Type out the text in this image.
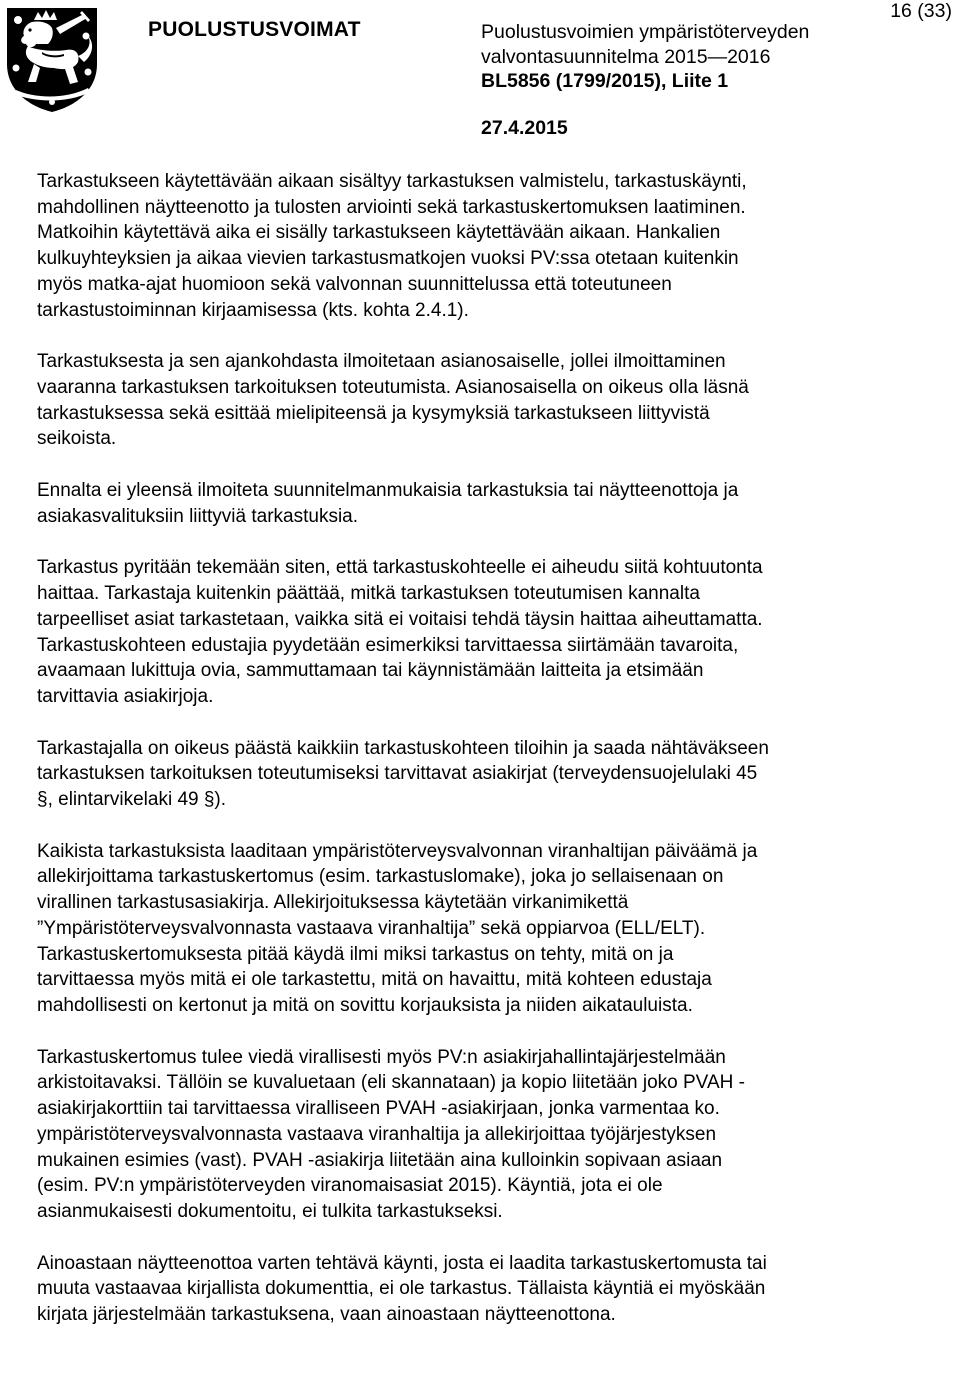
PUOLUSTUSVOIMAT	Puolustusvoimien ympäristöterveyden
valvontasuunnitelma 2015―2016
BL5856 (1799/2015), Liite 1
27.4.2015
16 (33)

Tarkastukseen käytettävään aikaan sisältyy tarkastuksen valmistelu, tarkastuskäynti,
mahdollinen näytteenotto ja tulosten arviointi sekä tarkastuskertomuksen laatiminen.
Matkoihin käytettävä aika ei sisälly tarkastukseen käytettävään aikaan. Hankalien
kulkuyhteyksien ja aikaa vievien tarkastusmatkojen vuoksi PV:ssa otetaan kuitenkin
myös matka-ajat huomioon sekä valvonnan suunnittelussa että toteutuneen
tarkastustoiminnan kirjaamisessa (kts. kohta 2.4.1).

Tarkastuksesta ja sen ajankohdasta ilmoitetaan asianosaiselle, jollei ilmoittaminen
vaaranna tarkastuksen tarkoituksen toteutumista. Asianosaisella on oikeus olla läsnä
tarkastuksessa sekä esittää mielipiteensä ja kysymyksiä tarkastukseen liittyvistä
seikoista.

Ennalta ei yleensä ilmoiteta suunnitelmanmukaisia tarkastuksia tai näytteenottoja ja
asiakasvalituksiin liittyviä tarkastuksia.

Tarkastus pyritään tekemään siten, että tarkastuskohteelle ei aiheudu siitä kohtuutonta
haittaa. Tarkastaja kuitenkin päättää, mitkä tarkastuksen toteutumisen kannalta
tarpeelliset asiat tarkastetaan, vaikka sitä ei voitaisi tehdä täysin haittaa aiheuttamatta.
Tarkastuskohteen edustajia pyydetään esimerkiksi tarvittaessa siirtämään tavaroita,
avaamaan lukittuja ovia, sammuttamaan tai käynnistämään laitteita ja etsimään
tarvittavia asiakirjoja.

Tarkastajalla on oikeus päästä kaikkiin tarkastuskohteen tiloihin ja saada nähtäväkseen
tarkastuksen tarkoituksen toteutumiseksi tarvittavat asiakirjat (terveydensuojelulaki 45
§, elintarvikelaki 49 §).

Kaikista tarkastuksista laaditaan ympäristöterveysvalvonnan viranhaltijan päiväämä ja
allekirjoittama tarkastuskertomus (esim. tarkastuslomake), joka jo sellaisenaan on
virallinen tarkastusasiakirja. Allekirjoituksessa käytetään virkanimikettä
”Ympäristöterveysvalvonnasta vastaava viranhaltija” sekä oppiarvoa (ELL/ELT).
Tarkastuskertomuksesta pitää käydä ilmi miksi tarkastus on tehty, mitä on ja
tarvittaessa myös mitä ei ole tarkastettu, mitä on havaittu, mitä kohteen edustaja
mahdollisesti on kertonut ja mitä on sovittu korjauksista ja niiden aikatauluista.

Tarkastuskertomus tulee viedä virallisesti myös PV:n asiakirjahallintajärjestelmään
arkistoitavaksi. Tällöin se kuvaluetaan (eli skannataan) ja kopio liitetään joko PVAH -
asiakirjakorttiin tai tarvittaessa viralliseen PVAH -asiakirjaan, jonka varmentaa ko.
ympäristöterveysvalvonnasta vastaava viranhaltija ja allekirjoittaa työjärjestyksen
mukainen esimies (vast). PVAH -asiakirja liitetään aina kulloinkin sopivaan asiaan
(esim. PV:n ympäristöterveyden viranomaisasiat 2015). Käyntiä, jota ei ole
asianmukaisesti dokumentoitu, ei tulkita tarkastukseksi.

Ainoastaan näytteenottoa varten tehtävä käynti, josta ei laadita tarkastuskertomusta tai
muuta vastaavaa kirjallista dokumenttia, ei ole tarkastus. Tällaista käyntiä ei myöskään
kirjata järjestelmään tarkastuksena, vaan ainoastaan näytteenottona.
